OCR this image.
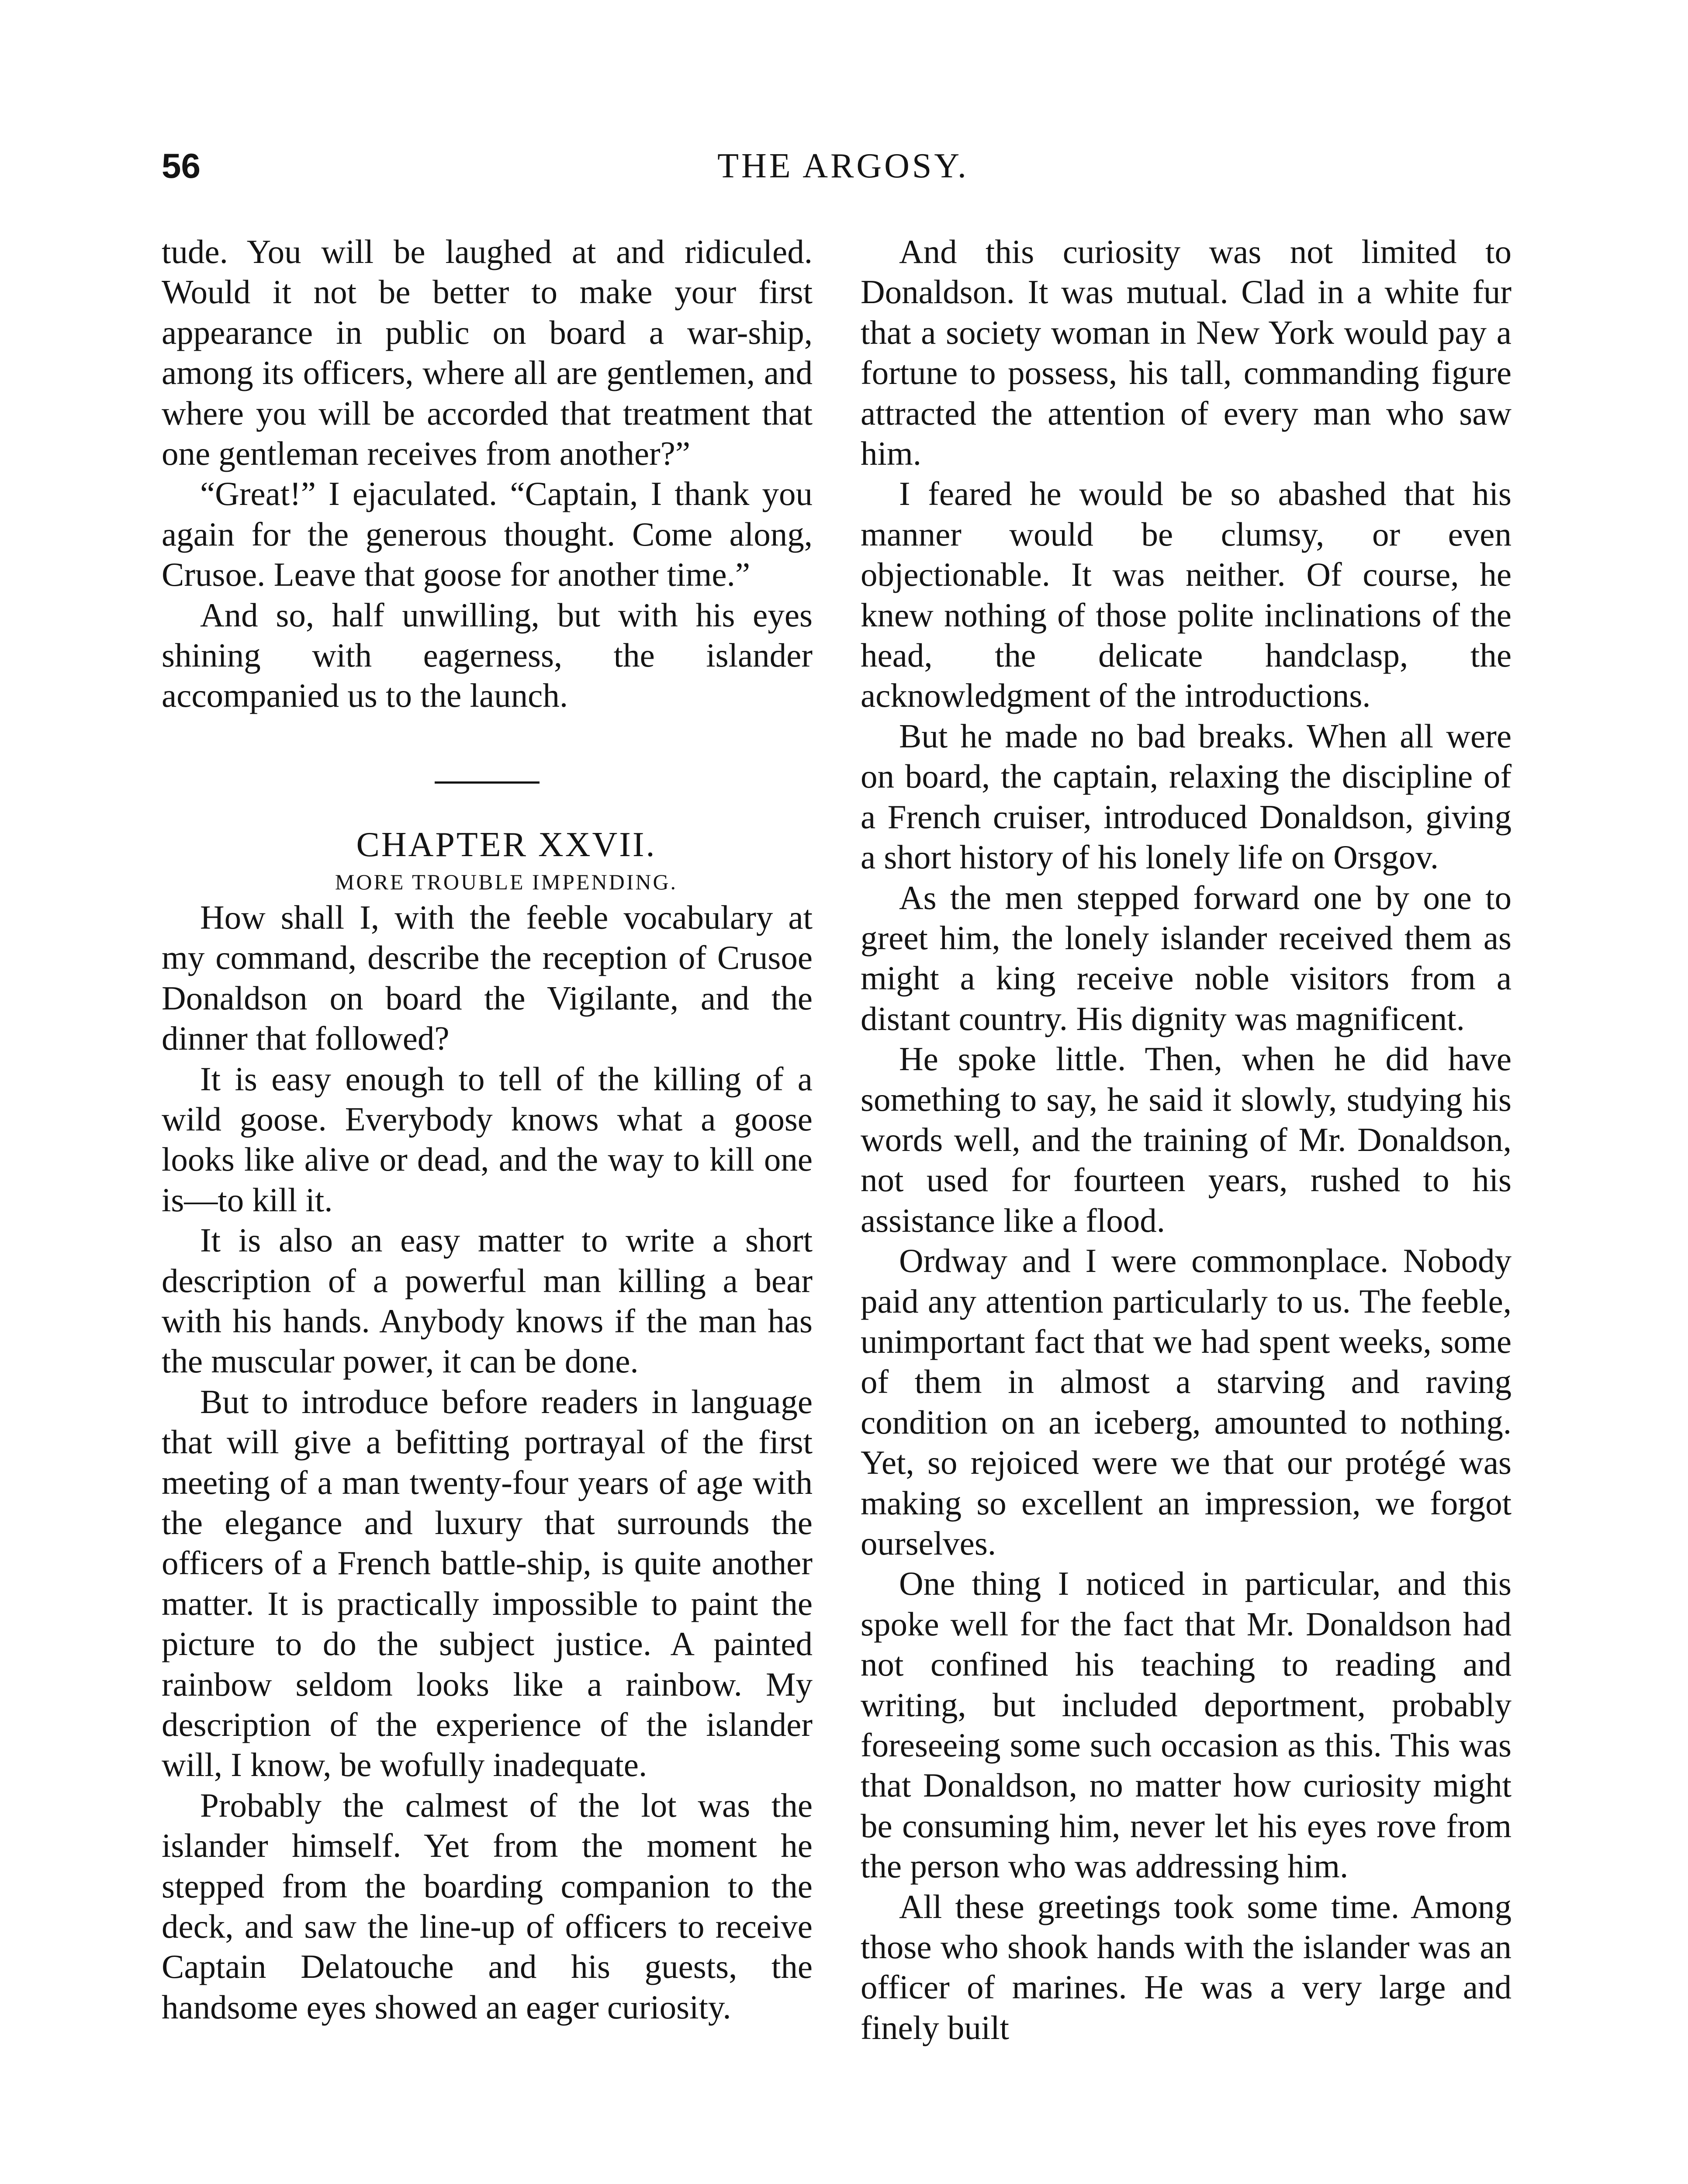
56	THE ARGOSY.

tude. You will be laughed at and ridiculed. Would it not be better to make your first appearance in public on board a war-ship, among its officers, where all are gentlemen, and where you will be accorded that treatment that one gentleman receives from another?”

“Great!” I ejaculated. “Captain, I thank you again for the generous thought. Come along, Crusoe. Leave that goose for another time.”

And so, half unwilling, but with his eyes shining with eagerness, the islander accompanied us to the launch.

CHAPTER XXVII.

MORE TROUBLE IMPENDING.

How shall I, with the feeble vocabulary at my command, describe the reception of Crusoe Donaldson on board the Vigilante, and the dinner that followed?

It is easy enough to tell of the killing of a wild goose. Everybody knows what a goose looks like alive or dead, and the way to kill one is—to kill it.

It is also an easy matter to write a short description of a powerful man killing a bear with his hands. Anybody knows if the man has the muscular power, it can be done.

But to introduce before readers in language that will give a befitting portrayal of the first meeting of a man twenty-four years of age with the elegance and luxury that surrounds the officers of a French battle-ship, is quite another matter. It is practically impossible to paint the picture to do the subject justice. A painted rainbow seldom looks like a rainbow. My description of the experience of the islander will, I know, be wofully inadequate.

Probably the calmest of the lot was the islander himself. Yet from the moment he stepped from the boarding companion to the deck, and saw the line-up of officers to receive Captain Delatouche and his guests, the handsome eyes showed an eager curiosity.

And this curiosity was not limited to Donaldson. It was mutual. Clad in a white fur that a society woman in New York would pay a fortune to possess, his tall, commanding figure attracted the attention of every man who saw him.

I feared he would be so abashed that his manner would be clumsy, or even objectionable. It was neither. Of course, he knew nothing of those polite inclinations of the head, the delicate handclasp, the acknowledgment of the introductions.

But he made no bad breaks. When all were on board, the captain, relaxing the discipline of a French cruiser, introduced Donaldson, giving a short history of his lonely life on Orsgov.

As the men stepped forward one by one to greet him, the lonely islander received them as might a king receive noble visitors from a distant country. His dignity was magnificent.

He spoke little. Then, when he did have something to say, he said it slowly, studying his words well, and the training of Mr. Donaldson, not used for fourteen years, rushed to his assistance like a flood.

Ordway and I were commonplace. Nobody paid any attention particularly to us. The feeble, unimportant fact that we had spent weeks, some of them in almost a starving and raving condition on an iceberg, amounted to nothing. Yet, so rejoiced were we that our protégé was making so excellent an impression, we forgot ourselves.

One thing I noticed in particular, and this spoke well for the fact that Mr. Donaldson had not confined his teaching to reading and writing, but included deportment, probably foreseeing some such occasion as this. This was that Donaldson, no matter how curiosity might be consuming him, never let his eyes rove from the person who was addressing him.

All these greetings took some time. Among those who shook hands with the islander was an officer of marines. He was a very large and finely built
